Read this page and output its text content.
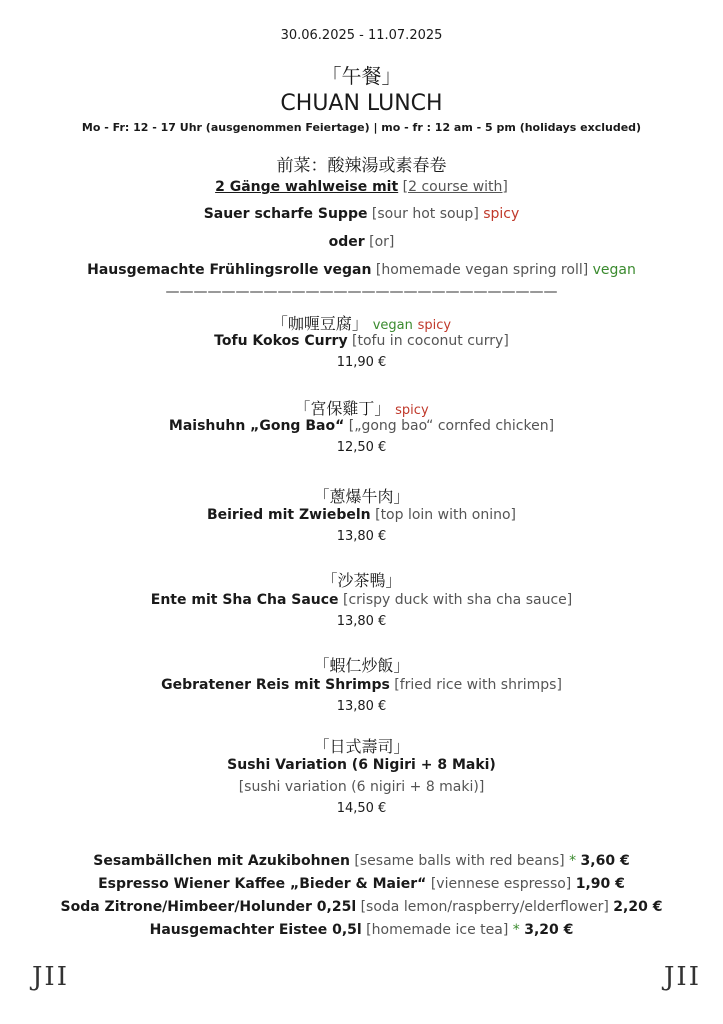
30.06.2025 - 11.07.2025
「午餐」
CHUAN LUNCH
Mo - Fr: 12 - 17 Uhr (ausgenommen Feiertage) | mo - fr : 12 am - 5 pm (holidays excluded)
前菜：酸辣湯或素春卷
2 Gänge wahlweise mit [2 course with]
Sauer scharfe Suppe [sour hot soup] spicy
oder [or]
Hausgemachte Frühlingsrolle vegan [homemade vegan spring roll] vegan
————————————————————————————
「咖喱豆腐」 vegan spicy
Tofu Kokos Curry [tofu in coconut curry]
11,90 €
「宮保雞丁」 spicy
Maishuhn „Gong Bao“ [„gong bao“ cornfed chicken]
12,50 €
「蔥爆牛肉」
Beiried mit Zwiebeln [top loin with onino]
13,80 €
「沙茶鴨」
Ente mit Sha Cha Sauce [crispy duck with sha cha sauce]
13,80 €
「蝦仁炒飯」
Gebratener Reis mit Shrimps [fried rice with shrimps]
13,80 €
「日式壽司」
Sushi Variation (6 Nigiri + 8 Maki)
[sushi variation (6 nigiri + 8 maki)]
14,50 €
Sesambällchen mit Azukibohnen [sesame balls with red beans] * 3,60 €
Espresso Wiener Kaffee „Bieder & Maier“ [viennese espresso] 1,90 €
Soda Zitrone/Himbeer/Holunder 0,25l [soda lemon/raspberry/elderflower] 2,20 €
Hausgemachter Eistee 0,5l [homemade ice tea] * 3,20 €
JII	JII
